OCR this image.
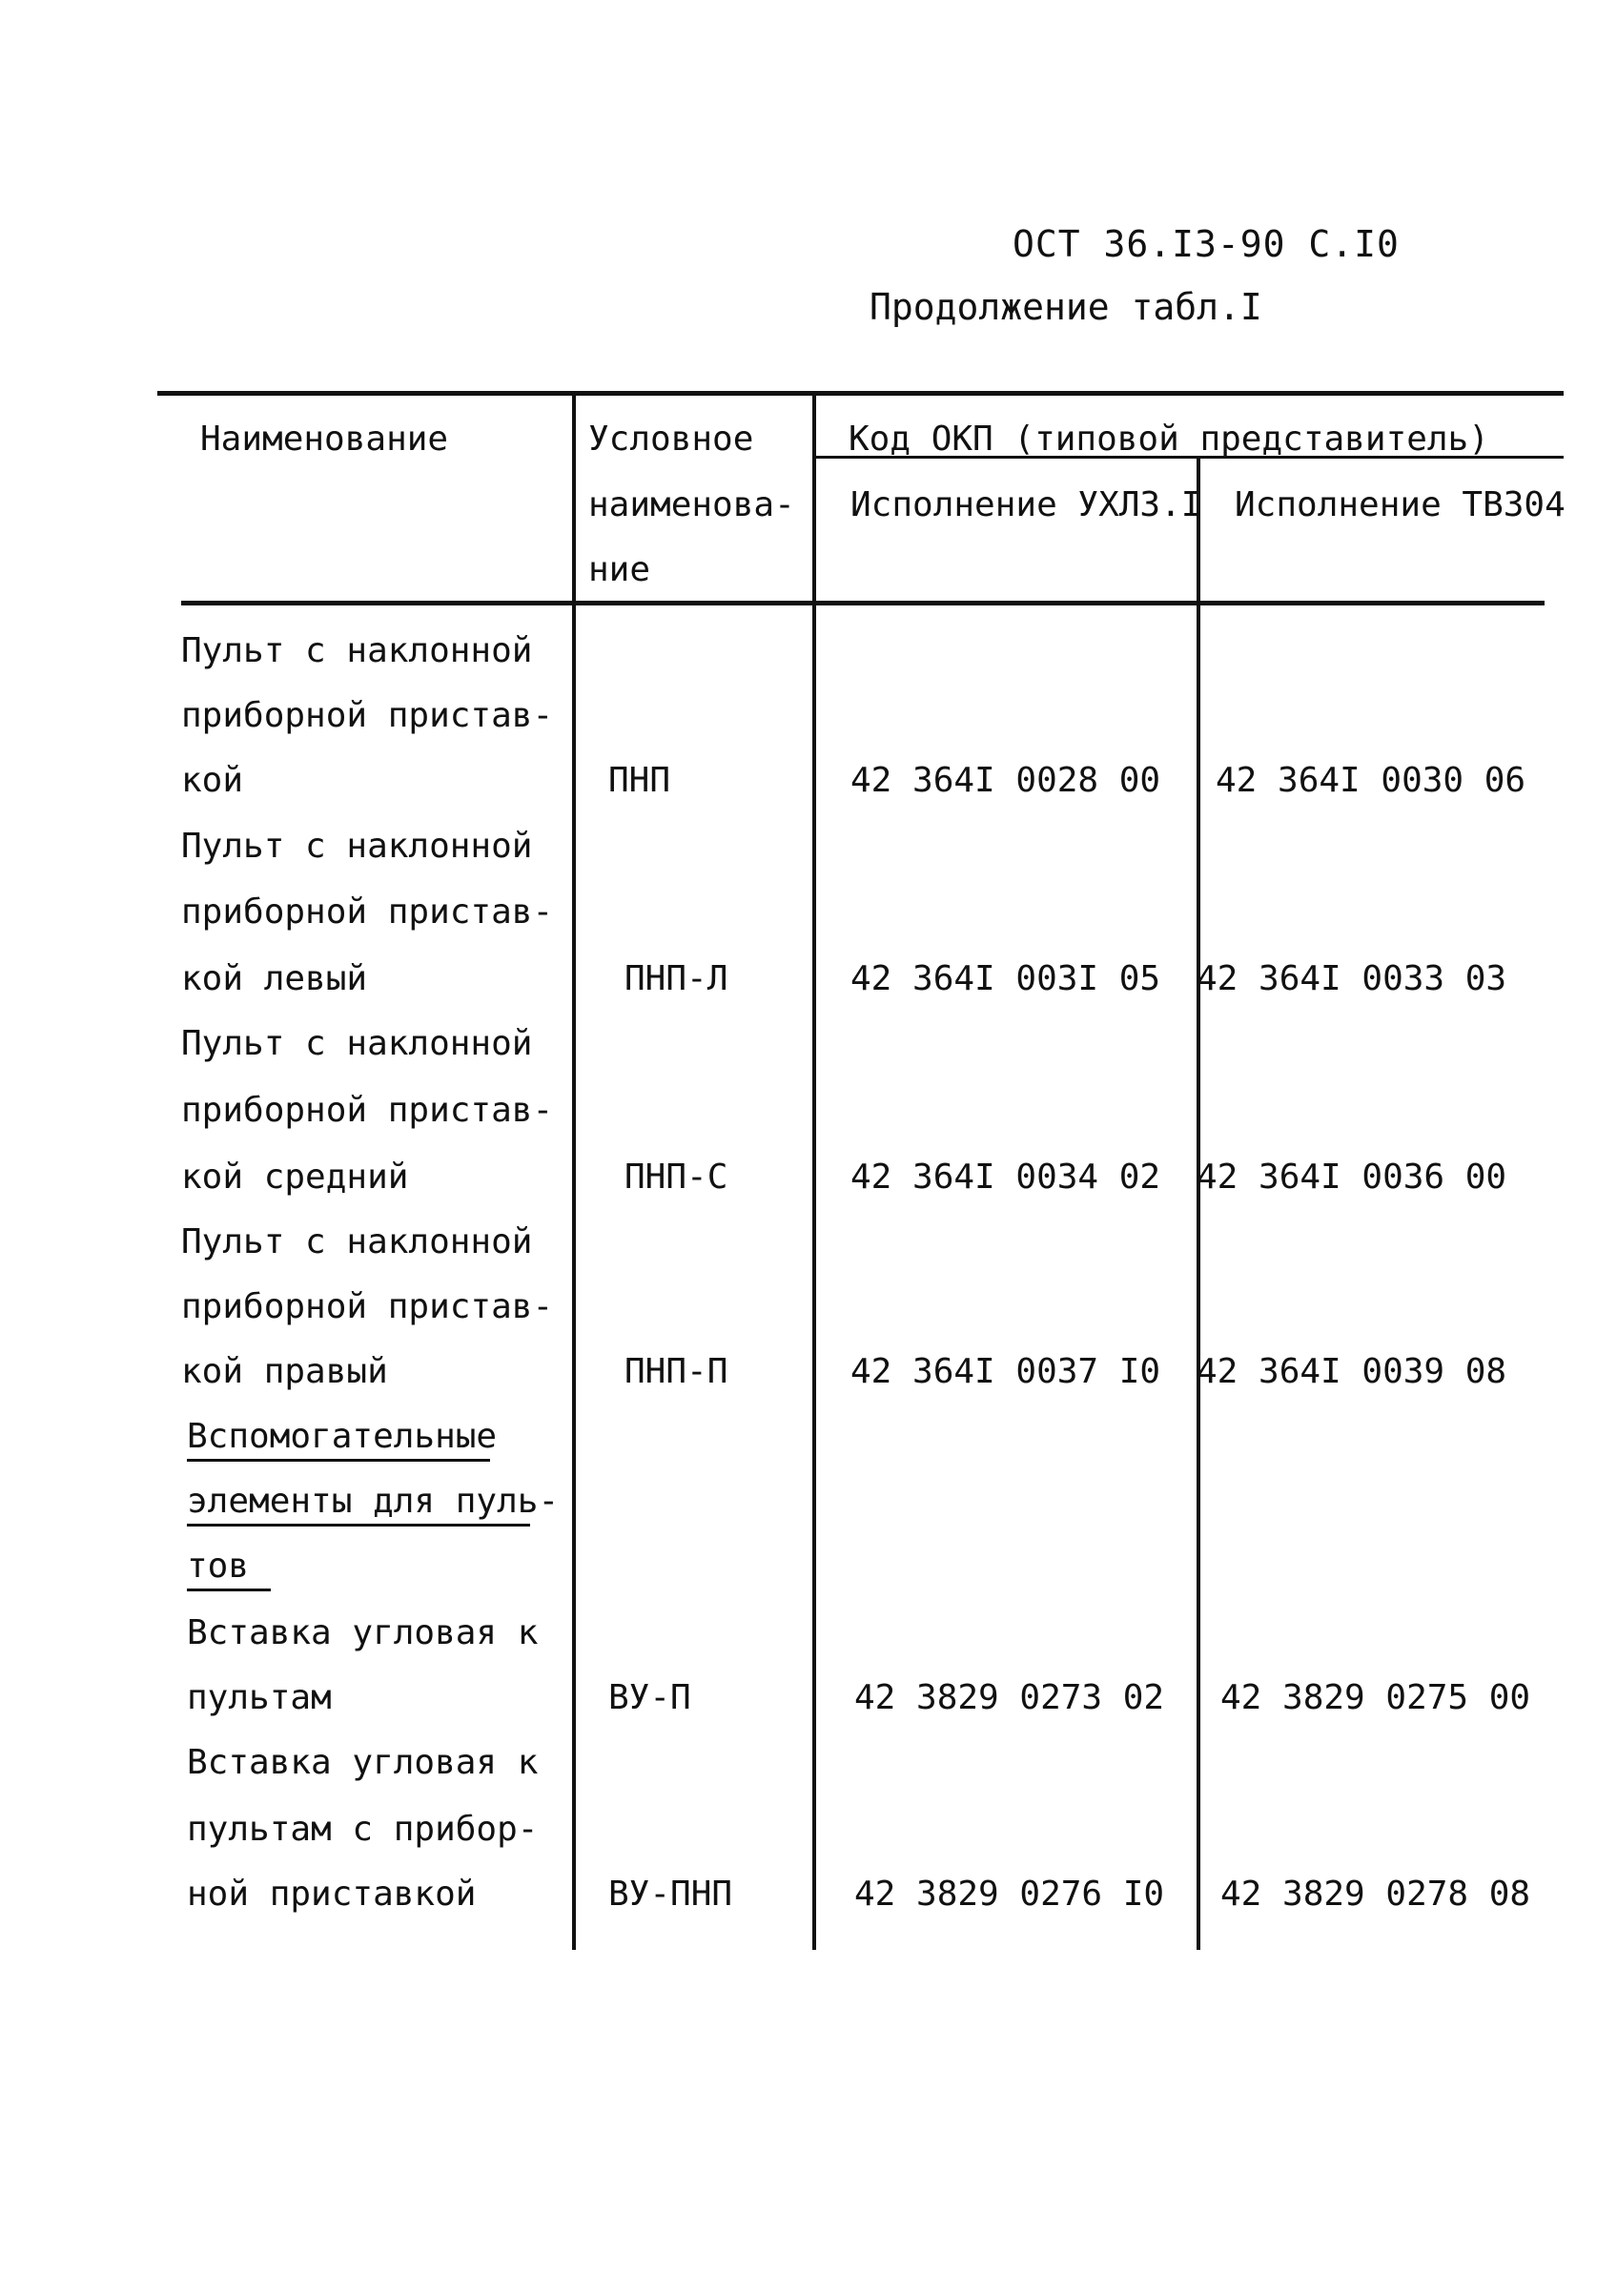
ОСТ 36.I3-90 С.I0
Продолжение табл.I
Наименование	Условное
наименова-
ние
Код ОКП (типовой представитель)
Исполнение УХЛ3.I Исполнение ТВ304
Пульт с наклонной
приборной пристав-
кой	ПНП	42 364I 0028 00 42 364I 0030 06
Пульт с наклонной
приборной пристав-
кой левый	ПНП-Л	42 364I 003I 05 42 364I 0033 03
Пульт с наклонной
приборной пристав-
кой средний	ПНП-С	42 364I 0034 02 42 364I 0036 00
Пульт с наклонной
приборной пристав-
кой правый	ПНП-П	42 364I 0037 I0 42 364I 0039 08
Вспомогательные
элементы для пуль-
тов
Вставка угловая к
пультам	ВУ-П	42 3829 0273 02 42 3829 0275 00
Вставка угловая к
пультам с прибор-
ной приставкой	ВУ-ПНП	42 3829 0276 I0 42 3829 0278 08
